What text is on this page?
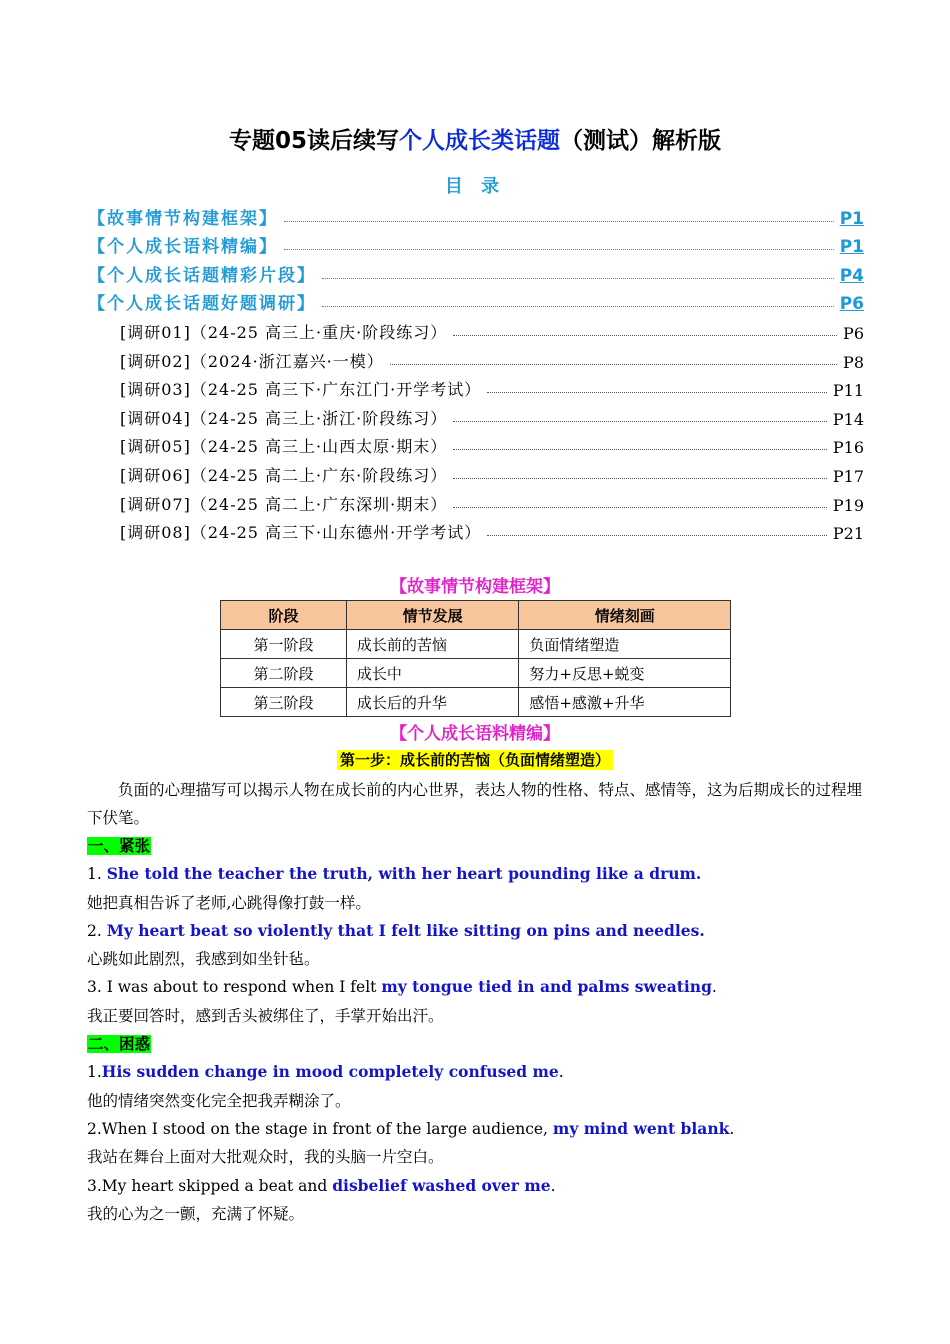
专题05读后续写个人成长类话题（测试）解析版
目 录
【故事情节构建框架】	P1
【个人成长语料精编】	P1
【个人成长话题精彩片段】	P4
【个人成长话题好题调研】	P6
[调研01]（24-25 高三上·重庆·阶段练习）	P6
[调研02]（2024·浙江嘉兴·一模）	P8
[调研03]（24-25 高三下·广东江门·开学考试）	P11
[调研04]（24-25 高三上·浙江·阶段练习）	P14
[调研05]（24-25 高三上·山西太原·期末）	P16
[调研06]（24-25 高二上·广东·阶段练习）	P17
[调研07]（24-25 高二上·广东深圳·期末）	P19
[调研08]（24-25 高三下·山东德州·开学考试）	P21
【故事情节构建框架】
阶段	情节发展	情绪刻画
第一阶段	成长前的苦恼	负面情绪塑造
第二阶段	成长中	努力+反思+蜕变
第三阶段	成长后的升华	感悟+感激+升华
【个人成长语料精编】
第一步：成长前的苦恼（负面情绪塑造）

负面的心理描写可以揭示人物在成长前的内心世界，表达人物的性格、特点、感情等，这为后期成长的过程埋下伏笔。

一、紧张
1. She told the teacher the truth, with her heart pounding like a drum.
她把真相告诉了老师,心跳得像打鼓一样。
2. My heart beat so violently that I felt like sitting on pins and needles.
心跳如此剧烈，我感到如坐针毡。
3. I was about to respond when I felt my tongue tied in and palms sweating.
我正要回答时，感到舌头被绑住了，手掌开始出汗。
二、困惑
1.His sudden change in mood completely confused me.
他的情绪突然变化完全把我弄糊涂了。
2.When I stood on the stage in front of the large audience, my mind went blank.
我站在舞台上面对大批观众时，我的头脑一片空白。
3.My heart skipped a beat and disbelief washed over me.
我的心为之一颤，充满了怀疑。
